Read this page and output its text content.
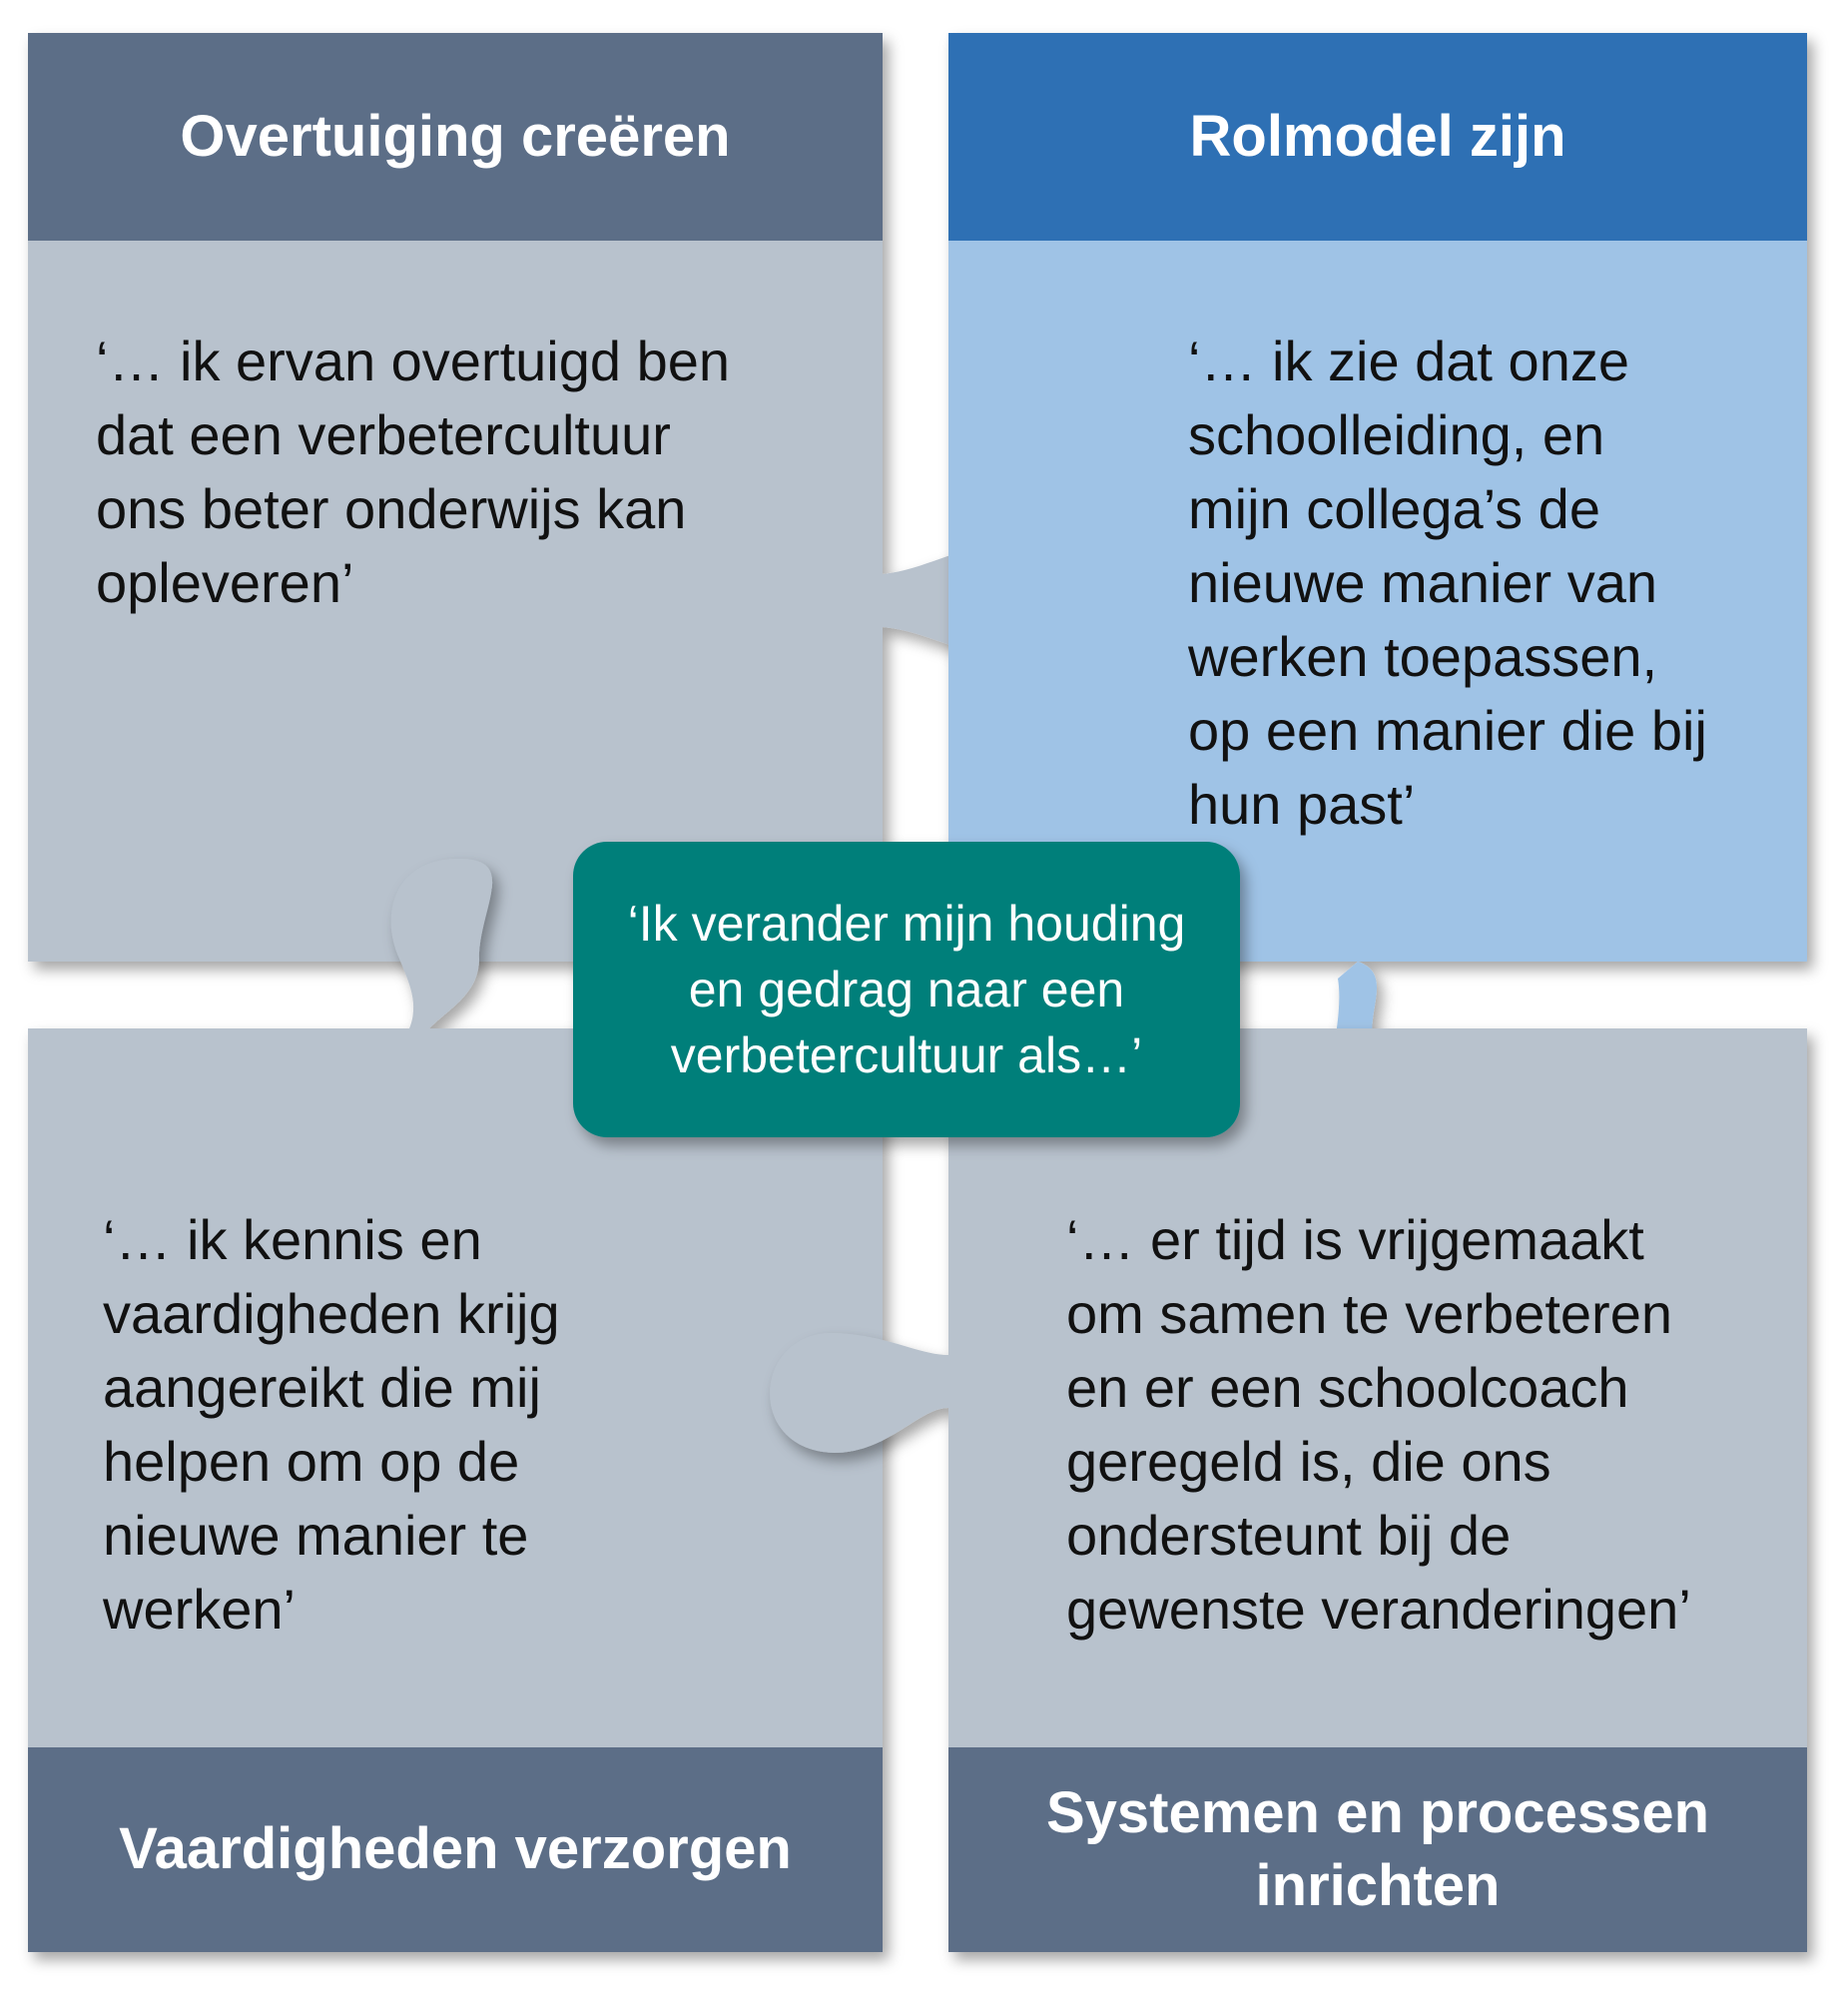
Overtuiging creëren
‘… ik ervan overtuigd ben
dat een verbetercultuur
ons beter onderwijs kan
opleveren’
Rolmodel zijn
‘… ik zie dat onze
schoolleiding, en
mijn collega’s de
nieuwe manier van
werken toepassen,
op een manier die bij
hun past’
‘Ik verander mijn houding
en gedrag naar een
verbetercultuur als…’
‘… ik kennis en
vaardigheden krijg
aangereikt die mij
helpen om op de
nieuwe manier te
werken’
Vaardigheden verzorgen
‘… er tijd is vrijgemaakt
om samen te verbeteren
en er een schoolcoach
geregeld is, die ons
ondersteunt bij de
gewenste veranderingen’
Systemen en processen
inrichten
